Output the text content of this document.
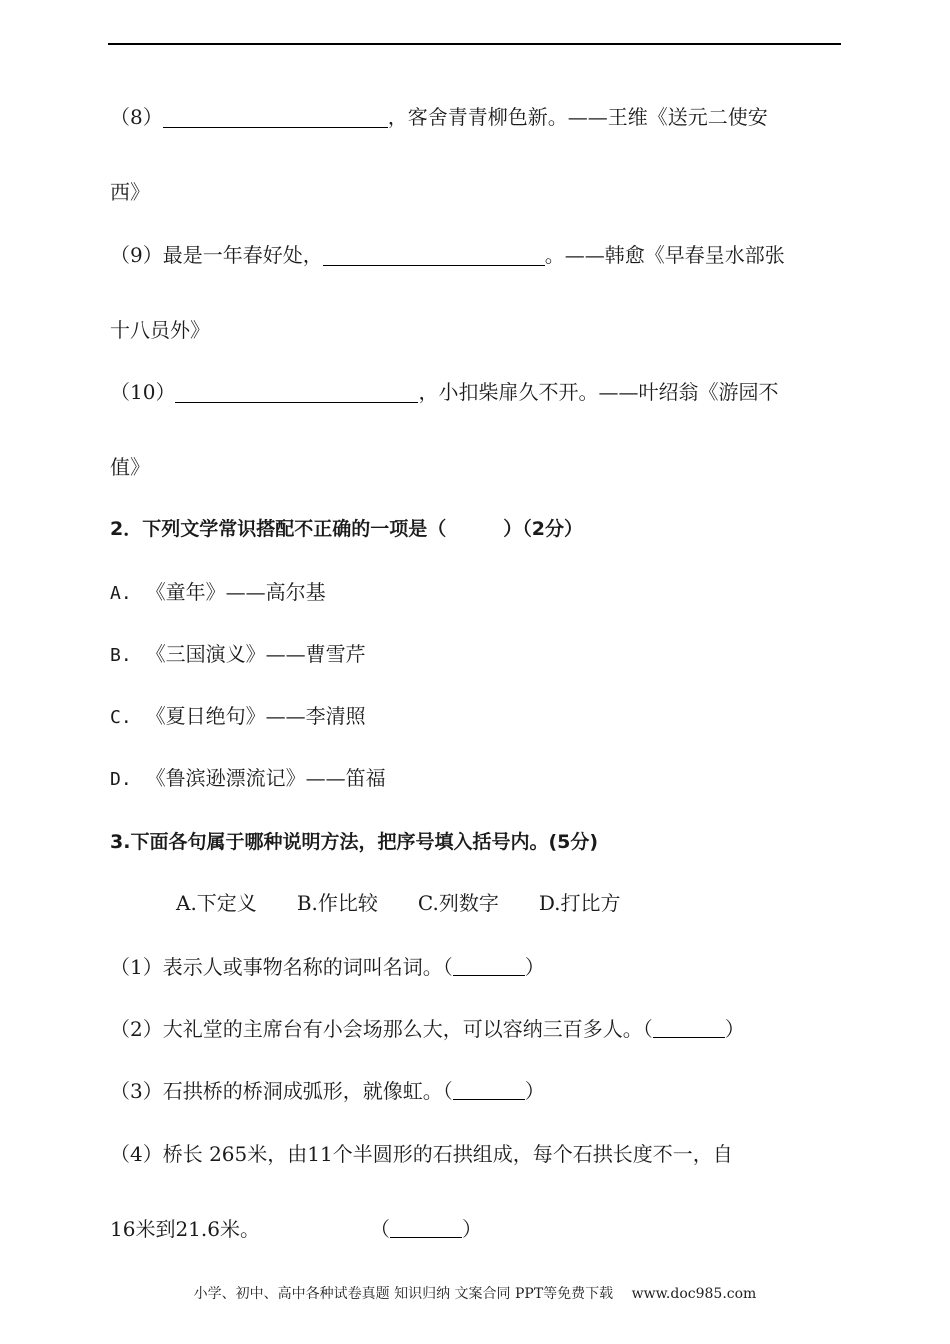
（8）	，客舍青青柳色新。——王维《送元二使安
西》
（9）最是一年春好处，	。——韩愈《早春呈水部张
十八员外》
（10）	，小扣柴扉久不开。——叶绍翁《游园不
值》
2．下列文学常识搭配不正确的一项是（　　　）（2分）
A. 《童年》——高尔基
B. 《三国演义》——曹雪芹
C. 《夏日绝句》——李清照
D. 《鲁滨逊漂流记》——笛福
3.下面各句属于哪种说明方法，把序号填入括号内。(5分)
A.下定义 B.作比较 C.列数字 D.打比方
（1）表示人或事物名称的词叫名词。（	）
（2）大礼堂的主席台有小会场那么大，可以容纳三百多人。（	）
（3）石拱桥的桥洞成弧形，就像虹。（	）
（4）桥长 265米，由11个半圆形的石拱组成，每个石拱长度不一，自
16米到21.6米。	（	）
小学、初中、高中各种试卷真题 知识归纳 文案合同 PPT等免费下载　 www.doc985.com
